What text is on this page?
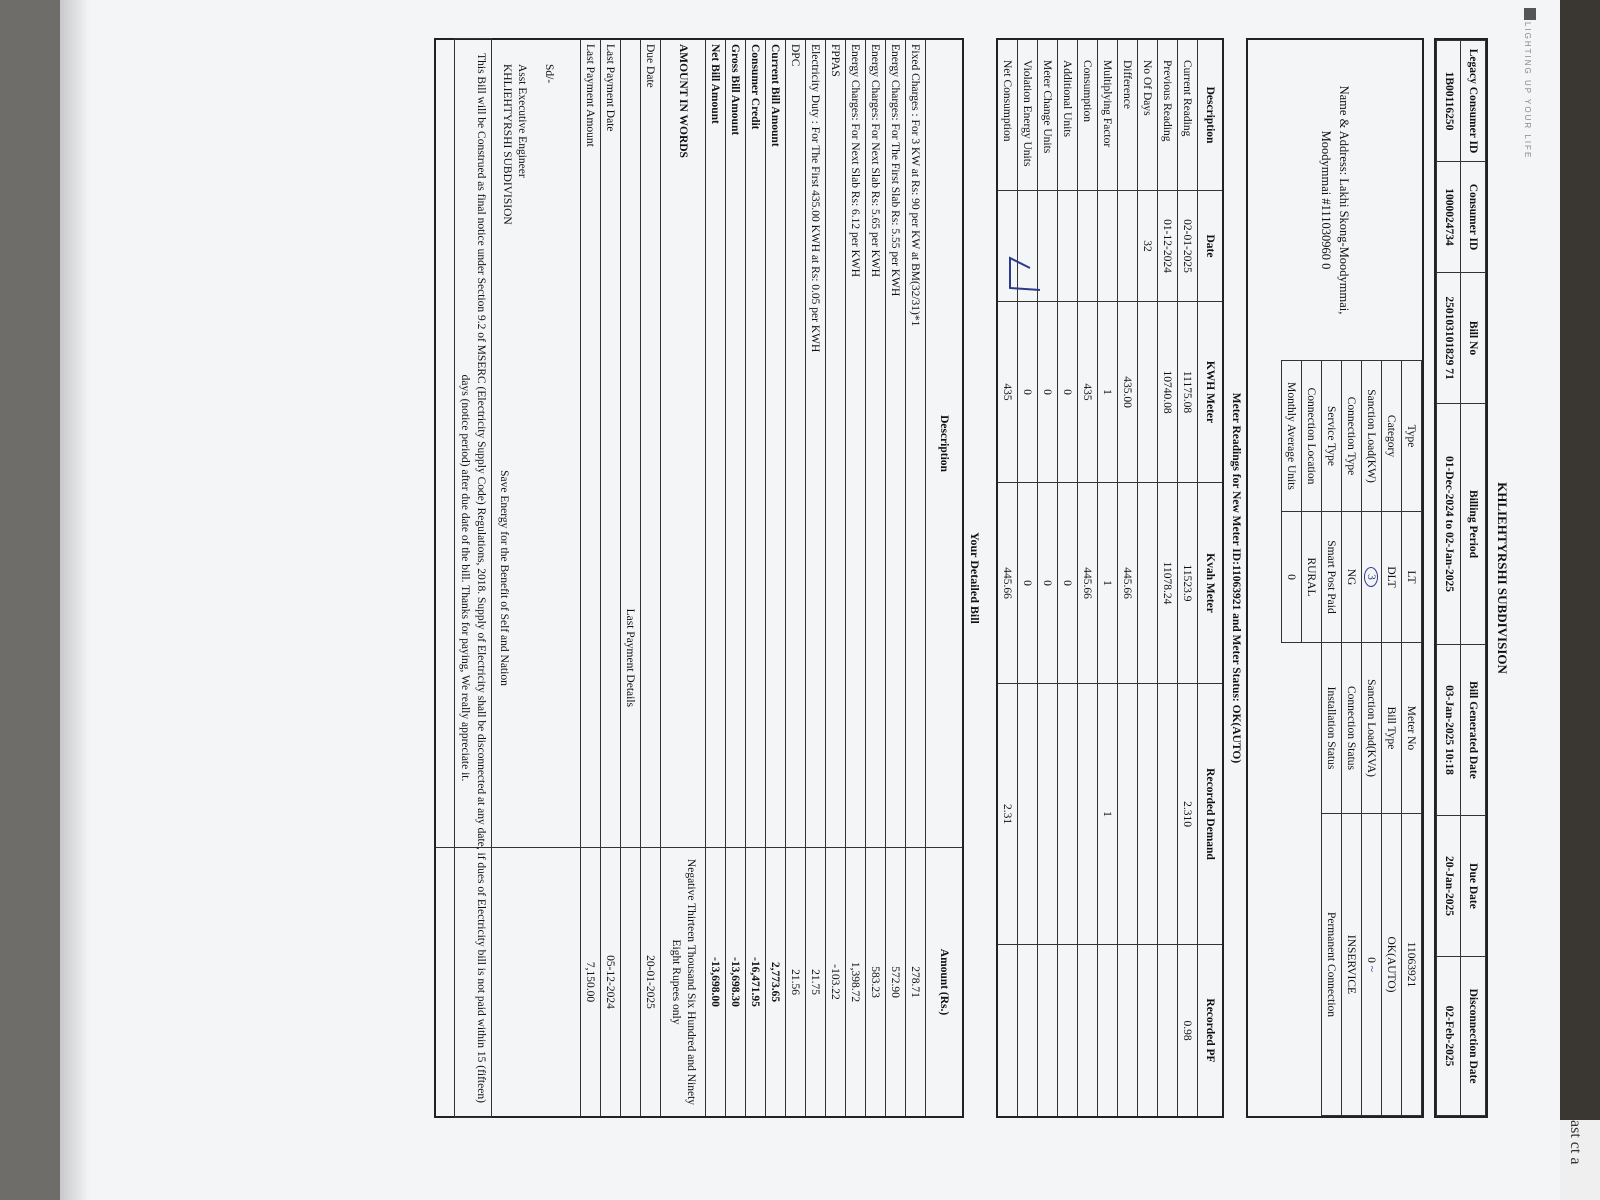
ast ct a
LIGHTING UP YOUR LIFE
KHLIEHTYRSHI SUBDIVISION
Legacy Consumer ID	Consumer ID	Bill No	Billing Period	Bill Generated Date	Due Date	Disconnection Date
1B00116250	1000024734	250103101829 71	01-Dec-2024 to 02-Jan-2025	03-Jan-2025 10:18	20-Jan-2025	02-Feb-2025
Name & Address: Lakhi Skong-Moodymmai,
Moodymmai #111030960 0
Type	LT	Meter No	11063921
Category	DLT	Bill Type	OK(AUTO)
Sanction Load(KW)	3	Sanction Load(KVA)	0 ~
Connection Type	NG	Connection Status	INSERVICE
Service Type	Smart Post Paid	Installation Status	Permanent Connection
Connection Location	RURAL		
Monthly Average Units	0		
Meter Readings for New Meter ID:11063921 and Meter Status: OK(AUTO)
Description	Date	KWH Meter	Kvah Meter	Recorded Demand	Recorded PF
Current Reading	02-01-2025	11175.08	11523.9	2.310	0.98
Previous Reading	01-12-2024	10740.08	11078.24		
No Of Days	32				
Difference		435.00	445.66		
Multiplying Factor		1	1	1	
Consumption		435	445.66		
Additional Units		0	0		
Meter Change Units		0	0		
Violation Energy Units		0	0		
Net Consumption		435	445.66	2.31	
Your Detailed Bill
Description	Amount (Rs.)
Fixed Charges : For 3 KW at Rs: 90 per KW at BM(32/31)*1	278.71
Energy Charges: For The First Slab Rs: 5.55 per KWH	572.90
Energy Charges: For Next Slab Rs: 5.65 per KWH	583.23
Energy Charges: For Next Slab Rs: 6.12 per KWH	1,398.72
FPPAS	-103.22
Electricity Duty : For The First 435.00 KWH at Rs: 0.05 per KWH	21.75
DPC	21.56
Current Bill Amount	2,773.65
Consumer Credit	-16,471.95
Gross Bill Amount	-13,698.30
Net Bill Amount	-13,698.00
AMOUNT IN WORDS	Negative Thirteen Thousand Six Hundred and Ninety Eight Rupees only
Due Date	20-01-2025
Last Payment Details	
Last Payment Date	05-12-2024
Last Payment Amount	7,150.00

Sd/-
Asst Executive Engineer
KHLIEHTYRSHI SUBDIVISION	

Save Energy for the Benefit of Self and Nation
This Bill will be Construed as final notice under Section 9.2 of MSERC (Electricity Supply Code) Regulations, 2018. Supply of Electricity shall be disconnected at any date, if dues of Electricity bill is not paid within 15 (fifteen) days (notice period) after due date of the bill. Thanks for paying, We really appreciate it.
